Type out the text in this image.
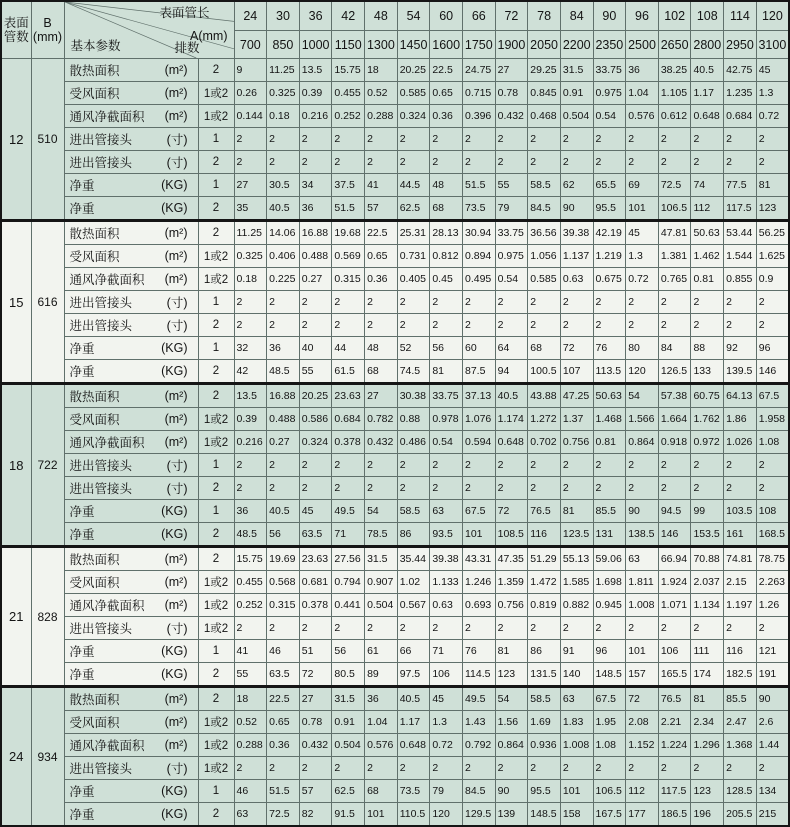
表面
管数	B
(mm)	表面管长
A(mm)
基本参数 排数		24	30	36	42	48	54	60	66	72	78	84	90	96	102	108	114	120
				700	850	1000	1150	1300	1450	1600	1750	1900	2050	2200	2350	2500	2650	2800	2950	3100
12	510	散热面积 (m²)	2	9	11.25	13.5	15.75	18	20.25	22.5	24.75	27	29.25	31.5	33.75	36	38.25	40.5	42.75	45

		受风面积 (m²)	1或2	0.26	0.325	0.39	0.455	0.52	0.585	0.65	0.715	0.78	0.845	0.91	0.975	1.04	1.105	1.17	1.235	1.3

		通风净截面积 (m²)	1或2	0.144	0.18	0.216	0.252	0.288	0.324	0.36	0.396	0.432	0.468	0.504	0.54	0.576	0.612	0.648	0.684	0.72

		进出管接头 (寸)	1	2	2	2	2	2	2	2	2	2	2	2	2	2	2	2	2	2

		进出管接头 (寸)	2	2	2	2	2	2	2	2	2	2	2	2	2	2	2	2	2	2

		净重 (KG)	1	27	30.5	34	37.5	41	44.5	48	51.5	55	58.5	62	65.5	69	72.5	74	77.5	81

		净重 (KG)	2	35	40.5	36	51.5	57	62.5	68	73.5	79	84.5	90	95.5	101	106.5	112	117.5	123
15	616	散热面积 (m²)	2	11.25	14.06	16.88	19.68	22.5	25.31	28.13	30.94	33.75	36.56	39.38	42.19	45	47.81	50.63	53.44	56.25

		受风面积 (m²)	1或2	0.325	0.406	0.488	0.569	0.65	0.731	0.812	0.894	0.975	1.056	1.137	1.219	1.3	1.381	1.462	1.544	1.625

		通风净截面积 (m²)	1或2	0.18	0.225	0.27	0.315	0.36	0.405	0.45	0.495	0.54	0.585	0.63	0.675	0.72	0.765	0.81	0.855	0.9

		进出管接头 (寸)	1	2	2	2	2	2	2	2	2	2	2	2	2	2	2	2	2	2

		进出管接头 (寸)	2	2	2	2	2	2	2	2	2	2	2	2	2	2	2	2	2	2

		净重 (KG)	1	32	36	40	44	48	52	56	60	64	68	72	76	80	84	88	92	96

		净重 (KG)	2	42	48.5	55	61.5	68	74.5	81	87.5	94	100.5	107	113.5	120	126.5	133	139.5	146
18	722	散热面积 (m²)	2	13.5	16.88	20.25	23.63	27	30.38	33.75	37.13	40.5	43.88	47.25	50.63	54	57.38	60.75	64.13	67.5

		受风面积 (m²)	1或2	0.39	0.488	0.586	0.684	0.782	0.88	0.978	1.076	1.174	1.272	1.37	1.468	1.566	1.664	1.762	1.86	1.958

		通风净截面积 (m²)	1或2	0.216	0.27	0.324	0.378	0.432	0.486	0.54	0.594	0.648	0.702	0.756	0.81	0.864	0.918	0.972	1.026	1.08

		进出管接头 (寸)	1	2	2	2	2	2	2	2	2	2	2	2	2	2	2	2	2	2

		进出管接头 (寸)	2	2	2	2	2	2	2	2	2	2	2	2	2	2	2	2	2	2

		净重 (KG)	1	36	40.5	45	49.5	54	58.5	63	67.5	72	76.5	81	85.5	90	94.5	99	103.5	108

		净重 (KG)	2	48.5	56	63.5	71	78.5	86	93.5	101	108.5	116	123.5	131	138.5	146	153.5	161	168.5
21	828	散热面积 (m²)	2	15.75	19.69	23.63	27.56	31.5	35.44	39.38	43.31	47.35	51.29	55.13	59.06	63	66.94	70.88	74.81	78.75

		受风面积 (m²)	1或2	0.455	0.568	0.681	0.794	0.907	1.02	1.133	1.246	1.359	1.472	1.585	1.698	1.811	1.924	2.037	2.15	2.263

		通风净截面积 (m²)	1或2	0.252	0.315	0.378	0.441	0.504	0.567	0.63	0.693	0.756	0.819	0.882	0.945	1.008	1.071	1.134	1.197	1.26

		进出管接头 (寸)	1或2	2	2	2	2	2	2	2	2	2	2	2	2	2	2	2	2	2

		净重 (KG)	1	41	46	51	56	61	66	71	76	81	86	91	96	101	106	111	116	121

		净重 (KG)	2	55	63.5	72	80.5	89	97.5	106	114.5	123	131.5	140	148.5	157	165.5	174	182.5	191
24	934	散热面积 (m²)	2	18	22.5	27	31.5	36	40.5	45	49.5	54	58.5	63	67.5	72	76.5	81	85.5	90

		受风面积 (m²)	1或2	0.52	0.65	0.78	0.91	1.04	1.17	1.3	1.43	1.56	1.69	1.83	1.95	2.08	2.21	2.34	2.47	2.6

		通风净截面积 (m²)	1或2	0.288	0.36	0.432	0.504	0.576	0.648	0.72	0.792	0.864	0.936	1.008	1.08	1.152	1.224	1.296	1.368	1.44

		进出管接头 (寸)	1或2	2	2	2	2	2	2	2	2	2	2	2	2	2	2	2	2	2

		净重 (KG)	1	46	51.5	57	62.5	68	73.5	79	84.5	90	95.5	101	106.5	112	117.5	123	128.5	134

		净重 (KG)	2	63	72.5	82	91.5	101	110.5	120	129.5	139	148.5	158	167.5	177	186.5	196	205.5	215
